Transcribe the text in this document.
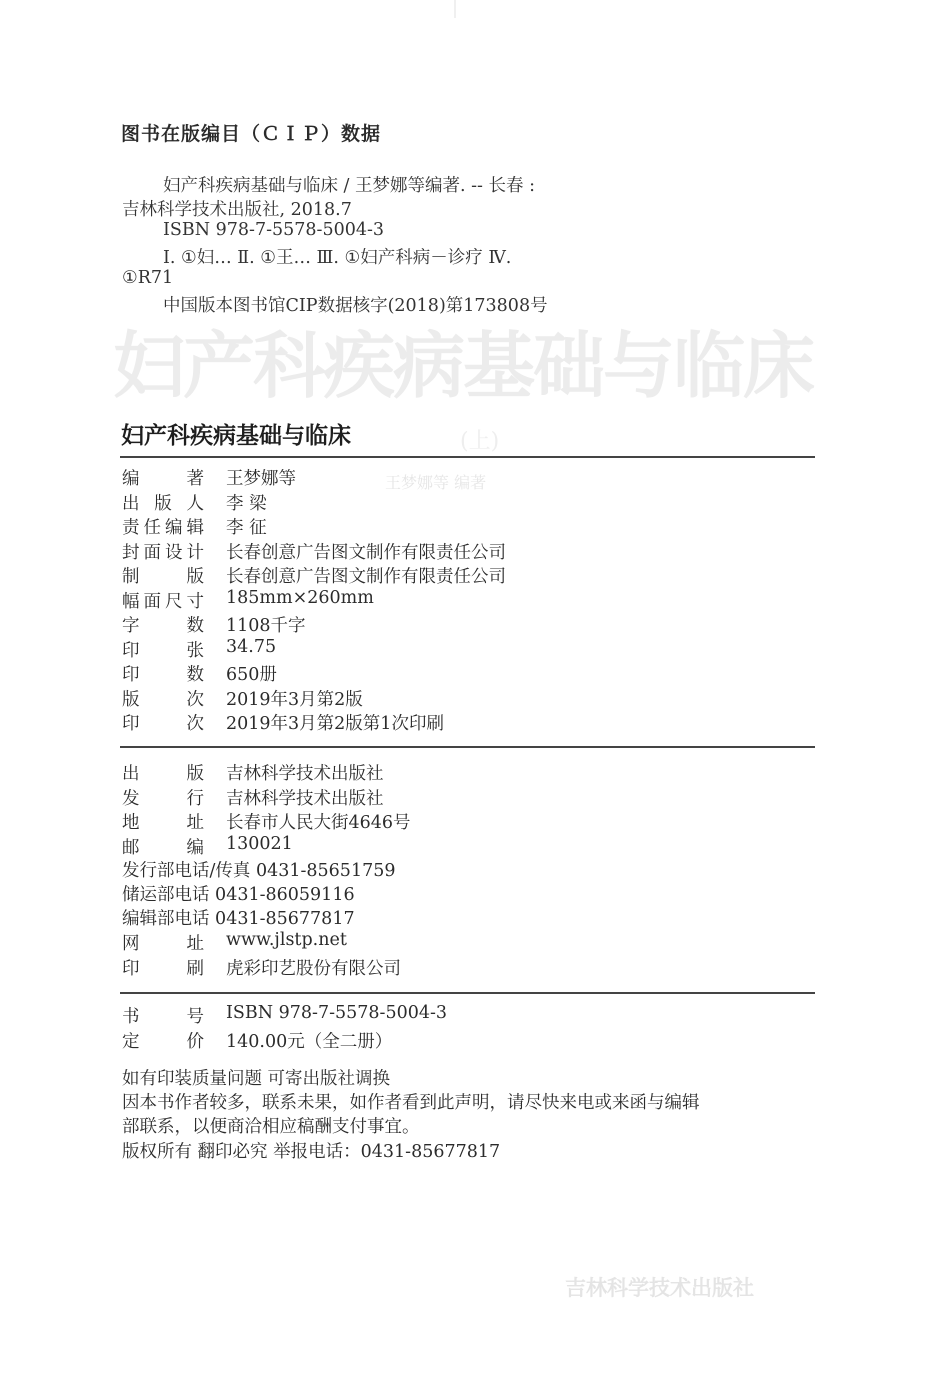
妇产科疾病基础与临床
(上)
王梦娜等 编著
吉林科学技术出版社
图书在版编目（ＣＩＰ）数据
妇产科疾病基础与临床 / 王梦娜等编著. -- 长春 :
吉林科学技术出版社, 2018.7
ISBN 978-7-5578-5004-3
Ⅰ. ①妇… Ⅱ. ①王… Ⅲ. ①妇产科病－诊疗 Ⅳ.
①R71
中国版本图书馆CIP数据核字(2018)第173808号
妇产科疾病基础与临床
编	著 王梦娜等
出 版 人 李 梁
责 任 编 辑 李 征
封 面 设 计 长春创意广告图文制作有限责任公司
制	版 长春创意广告图文制作有限责任公司
幅 面 尺 寸 185mm×260mm
字	数 1108千字
印	张 34.75
印	数 650册
版	次 2019年3月第2版
印	次 2019年3月第2版第1次印刷
出	版 吉林科学技术出版社
发	行 吉林科学技术出版社
地	址 长春市人民大街4646号
邮	编 130021
发行部电话/传真 0431-85651759
储运部电话 0431-86059116
编辑部电话 0431-85677817
网	址 www.jlstp.net
印	刷 虎彩印艺股份有限公司
书	号 ISBN 978-7-5578-5004-3
定	价 140.00元（全二册）
如有印装质量问题 可寄出版社调换
因本书作者较多，联系未果，如作者看到此声明，请尽快来电或来函与编辑
部联系，以便商洽相应稿酬支付事宜。
版权所有 翻印必究 举报电话：0431-85677817
